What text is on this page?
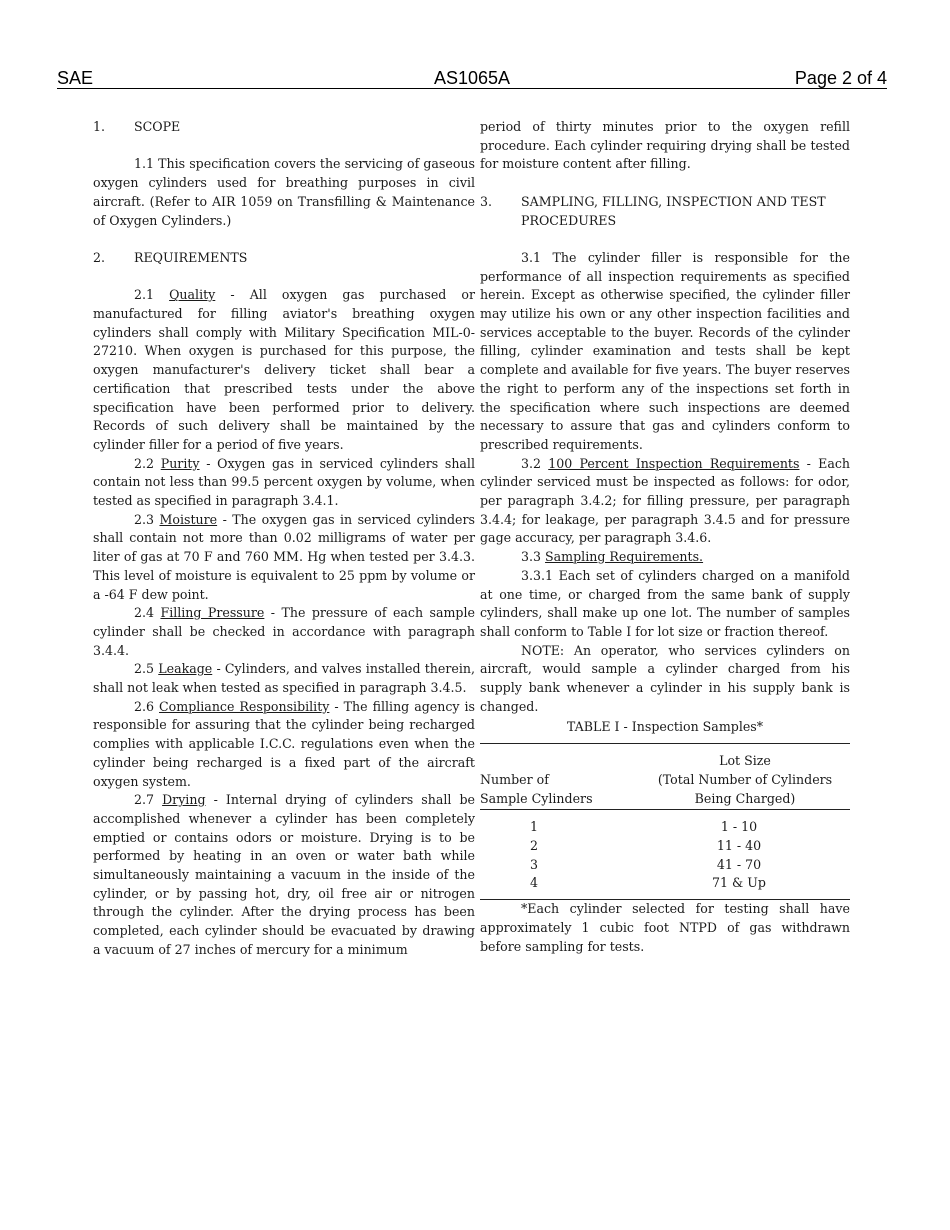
SAE	AS1065A	Page 2 of 4
1.	SCOPE

1.1 This specification covers the servicing of gaseous oxygen cylinders used for breathing purposes in civil aircraft. (Refer to AIR 1059 on Transfilling & Maintenance of Oxygen Cylinders.)

2.	REQUIREMENTS

2.1 Quality - All oxygen gas purchased or manufactured for filling aviator's breathing oxygen cylinders shall comply with Military Specification MIL-0-27210. When oxygen is purchased for this purpose, the oxygen manufacturer's delivery ticket shall bear a certification that prescribed tests under the above specification have been performed prior to delivery. Records of such delivery shall be maintained by the cylinder filler for a period of five years.

2.2 Purity - Oxygen gas in serviced cylinders shall contain not less than 99.5 percent oxygen by volume, when tested as specified in paragraph 3.4.1.

2.3 Moisture - The oxygen gas in serviced cylinders shall contain not more than 0.02 milligrams of water per liter of gas at 70 F and 760 MM. Hg when tested per 3.4.3. This level of moisture is equivalent to 25 ppm by volume or a -64 F dew point.

2.4 Filling Pressure - The pressure of each sample cylinder shall be checked in accordance with paragraph 3.4.4.

2.5 Leakage - Cylinders, and valves installed therein, shall not leak when tested as specified in paragraph 3.4.5.

2.6 Compliance Responsibility - The filling agency is responsible for assuring that the cylinder being recharged complies with applicable I.C.C. regulations even when the cylinder being recharged is a fixed part of the aircraft oxygen system.

2.7 Drying - Internal drying of cylinders shall be accomplished whenever a cylinder has been completely emptied or contains odors or moisture. Drying is to be performed by heating in an oven or water bath while simultaneously maintaining a vacuum in the inside of the cylinder, or by passing hot, dry, oil free air or nitrogen through the cylinder. After the drying process has been completed, each cylinder should be evacuated by drawing a vacuum of 27 inches of mercury for a minimum

period of thirty minutes prior to the oxygen refill procedure. Each cylinder requiring drying shall be tested for moisture content after filling.

3.	SAMPLING, FILLING, INSPECTION AND TEST
PROCEDURES

3.1 The cylinder filler is responsible for the performance of all inspection requirements as specified herein. Except as otherwise specified, the cylinder filler may utilize his own or any other inspection facilities and services acceptable to the buyer. Records of the cylinder filling, cylinder examination and tests shall be kept complete and available for five years. The buyer reserves the right to perform any of the inspections set forth in the specification where such inspections are deemed necessary to assure that gas and cylinders conform to prescribed requirements.

3.2 100 Percent Inspection Requirements - Each cylinder serviced must be inspected as follows: for odor, per paragraph 3.4.2; for filling pressure, per paragraph 3.4.4; for leakage, per paragraph 3.4.5 and for pressure gage accuracy, per paragraph 3.4.6.

3.3 Sampling Requirements.

3.3.1 Each set of cylinders charged on a manifold at one time, or charged from the same bank of supply cylinders, shall make up one lot. The number of samples shall conform to Table I for lot size or fraction thereof.

NOTE: An operator, who services cylinders on aircraft, would sample a cylinder charged from his supply bank whenever a cylinder in his supply bank is changed.

TABLE I - Inspection Samples*
Number of
Sample Cylinders
Lot Size
(Total Number of Cylinders
Being Charged)
1	1 - 10
2	11 - 40
3	41 - 70
4	71 & Up

*Each cylinder selected for testing shall have approximately 1 cubic foot NTPD of gas withdrawn before sampling for tests.
